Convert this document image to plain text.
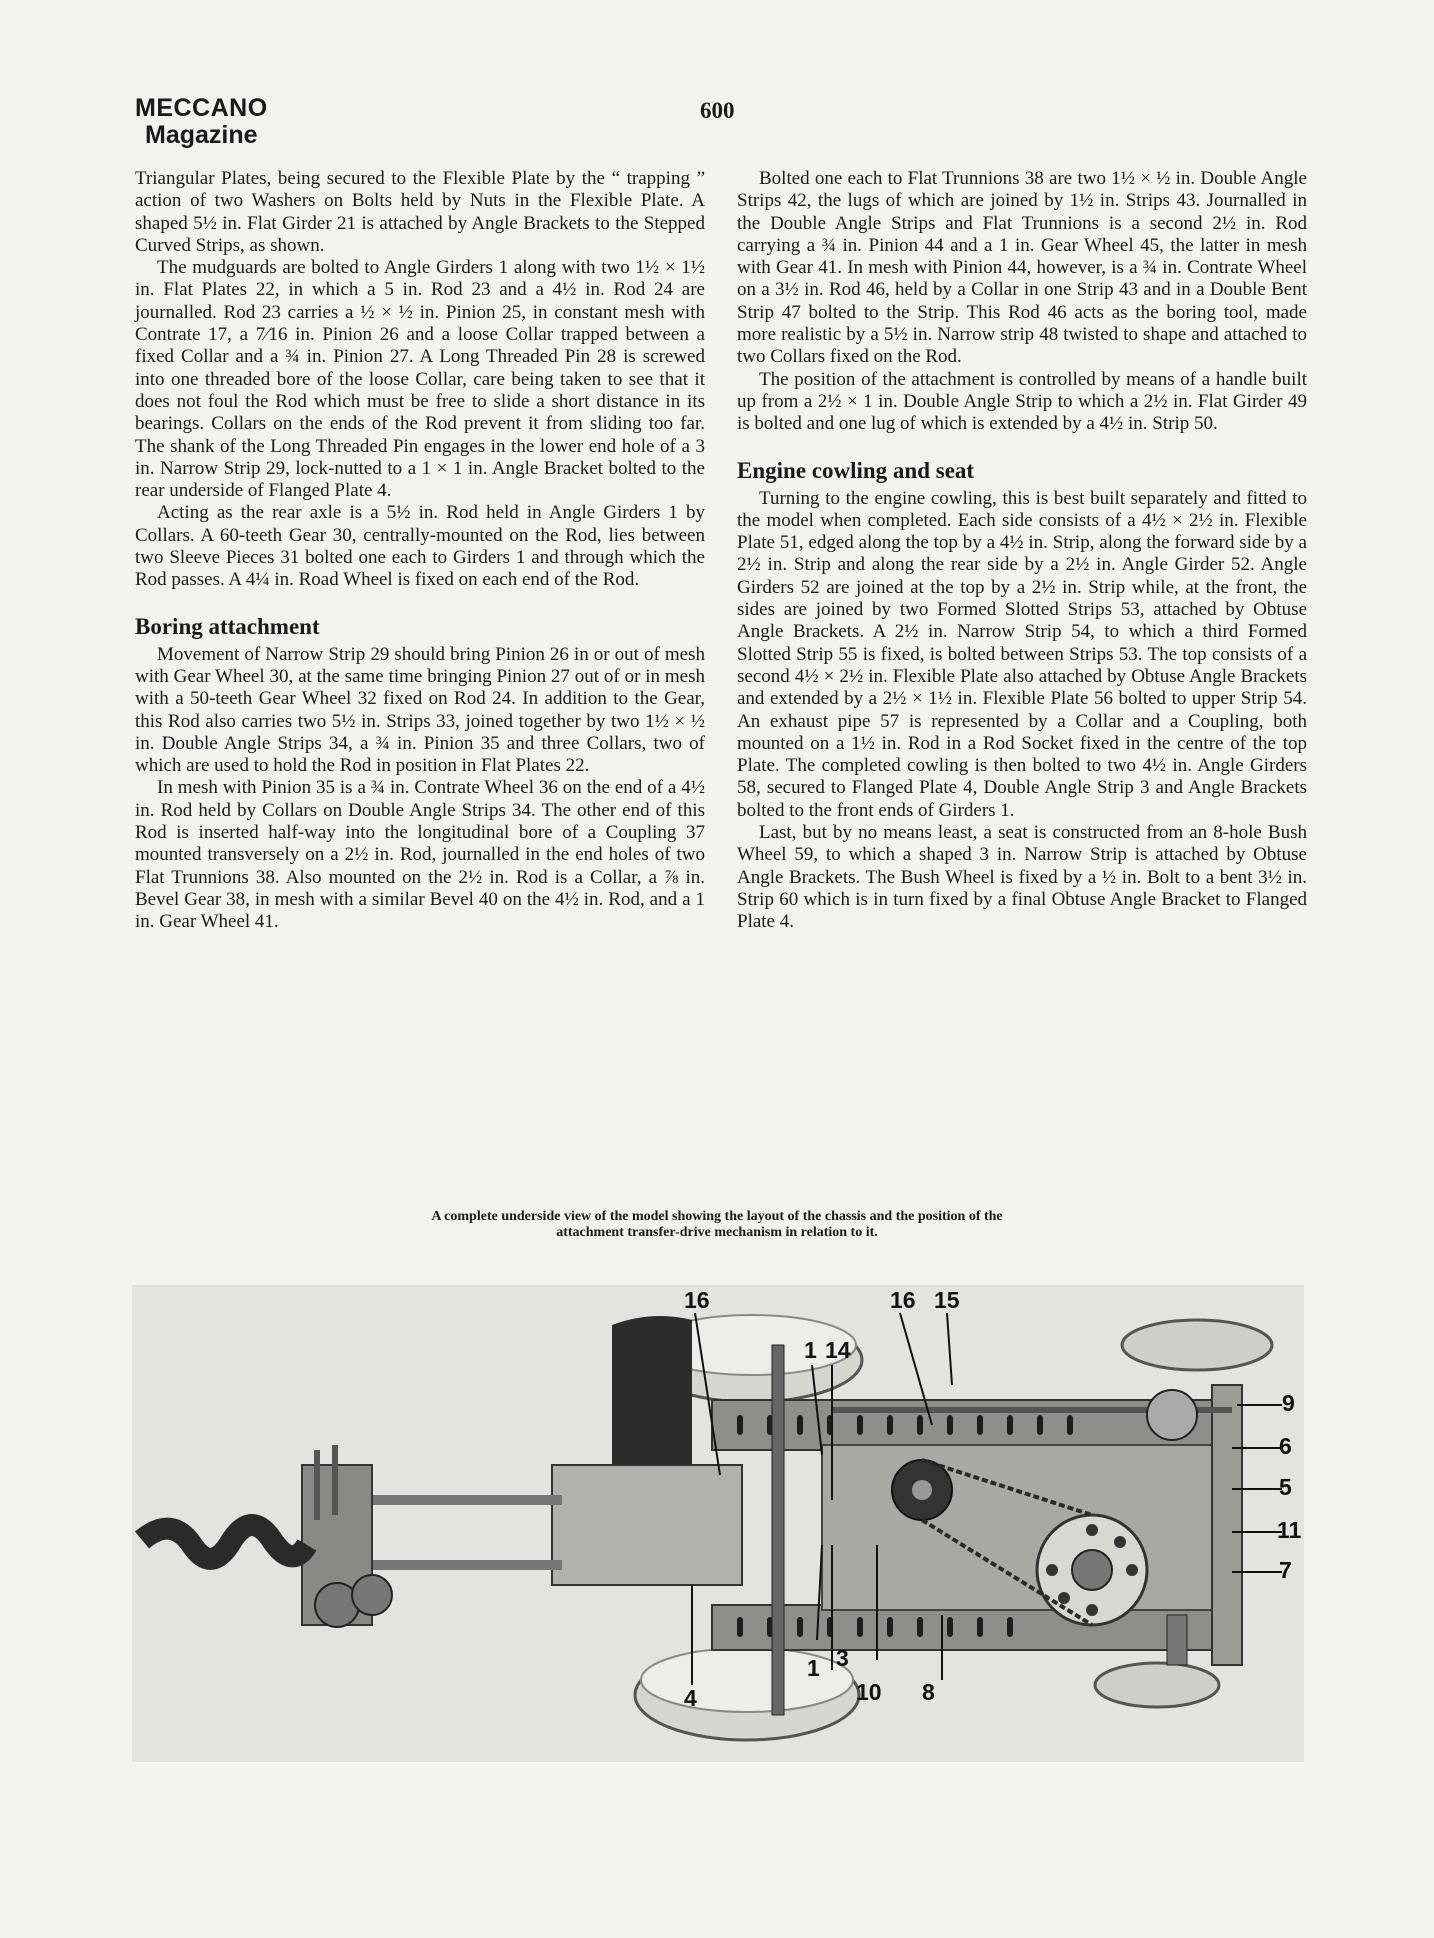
MECCANO
Magazine
600

Triangular Plates, being secured to the Flexible Plate by the “ trapping ” action of two Washers on Bolts held by Nuts in the Flexible Plate. A shaped 5½ in. Flat Girder 21 is attached by Angle Brackets to the Stepped Curved Strips, as shown.

The mudguards are bolted to Angle Girders 1 along with two 1½ × 1½ in. Flat Plates 22, in which a 5 in. Rod 23 and a 4½ in. Rod 24 are journalled. Rod 23 carries a ½ × ½ in. Pinion 25, in constant mesh with Contrate 17, a 7⁄16 in. Pinion 26 and a loose Collar trapped between a fixed Collar and a ¾ in. Pinion 27. A Long Threaded Pin 28 is screwed into one threaded bore of the loose Collar, care being taken to see that it does not foul the Rod which must be free to slide a short distance in its bearings. Collars on the ends of the Rod prevent it from sliding too far. The shank of the Long Threaded Pin engages in the lower end hole of a 3 in. Narrow Strip 29, lock-nutted to a 1 × 1 in. Angle Bracket bolted to the rear underside of Flanged Plate 4.

Acting as the rear axle is a 5½ in. Rod held in Angle Girders 1 by Collars. A 60-teeth Gear 30, centrally-mounted on the Rod, lies between two Sleeve Pieces 31 bolted one each to Girders 1 and through which the Rod passes. A 4¼ in. Road Wheel is fixed on each end of the Rod.

Boring attachment

Movement of Narrow Strip 29 should bring Pinion 26 in or out of mesh with Gear Wheel 30, at the same time bringing Pinion 27 out of or in mesh with a 50-teeth Gear Wheel 32 fixed on Rod 24. In addition to the Gear, this Rod also carries two 5½ in. Strips 33, joined together by two 1½ × ½ in. Double Angle Strips 34, a ¾ in. Pinion 35 and three Collars, two of which are used to hold the Rod in position in Flat Plates 22.

In mesh with Pinion 35 is a ¾ in. Contrate Wheel 36 on the end of a 4½ in. Rod held by Collars on Double Angle Strips 34. The other end of this Rod is inserted half-way into the longitudinal bore of a Coupling 37 mounted transversely on a 2½ in. Rod, journalled in the end holes of two Flat Trunnions 38. Also mounted on the 2½ in. Rod is a Collar, a ⅞ in. Bevel Gear 38, in mesh with a similar Bevel 40 on the 4½ in. Rod, and a 1 in. Gear Wheel 41.

Bolted one each to Flat Trunnions 38 are two 1½ × ½ in. Double Angle Strips 42, the lugs of which are joined by 1½ in. Strips 43. Journalled in the Double Angle Strips and Flat Trunnions is a second 2½ in. Rod carrying a ¾ in. Pinion 44 and a 1 in. Gear Wheel 45, the latter in mesh with Gear 41. In mesh with Pinion 44, however, is a ¾ in. Contrate Wheel on a 3½ in. Rod 46, held by a Collar in one Strip 43 and in a Double Bent Strip 47 bolted to the Strip. This Rod 46 acts as the boring tool, made more realistic by a 5½ in. Narrow strip 48 twisted to shape and attached to two Collars fixed on the Rod.

The position of the attachment is controlled by means of a handle built up from a 2½ × 1 in. Double Angle Strip to which a 2½ in. Flat Girder 49 is bolted and one lug of which is extended by a 4½ in. Strip 50.

Engine cowling and seat

Turning to the engine cowling, this is best built separately and fitted to the model when completed. Each side consists of a 4½ × 2½ in. Flexible Plate 51, edged along the top by a 4½ in. Strip, along the forward side by a 2½ in. Strip and along the rear side by a 2½ in. Angle Girder 52. Angle Girders 52 are joined at the top by a 2½ in. Strip while, at the front, the sides are joined by two Formed Slotted Strips 53, attached by Obtuse Angle Brackets. A 2½ in. Narrow Strip 54, to which a third Formed Slotted Strip 55 is fixed, is bolted between Strips 53. The top consists of a second 4½ × 2½ in. Flexible Plate also attached by Obtuse Angle Brackets and extended by a 2½ × 1½ in. Flexible Plate 56 bolted to upper Strip 54. An exhaust pipe 57 is represented by a Collar and a Coupling, both mounted on a 1½ in. Rod in a Rod Socket fixed in the centre of the top Plate. The completed cowling is then bolted to two 4½ in. Angle Girders 58, secured to Flanged Plate 4, Double Angle Strip 3 and Angle Brackets bolted to the front ends of Girders 1.

Last, but by no means least, a seat is constructed from an 8-hole Bush Wheel 59, to which a shaped 3 in. Narrow Strip is attached by Obtuse Angle Brackets. The Bush Wheel is fixed by a ½ in. Bolt to a bent 3½ in. Strip 60 which is in turn fixed by a final Obtuse Angle Bracket to Flanged Plate 4.

A complete underside view of the model showing the layout of the chassis and the position of the attachment transfer-drive mechanism in relation to it.
16	16 15
1 14
9
6
5
11
7
1 3
4	10 8
